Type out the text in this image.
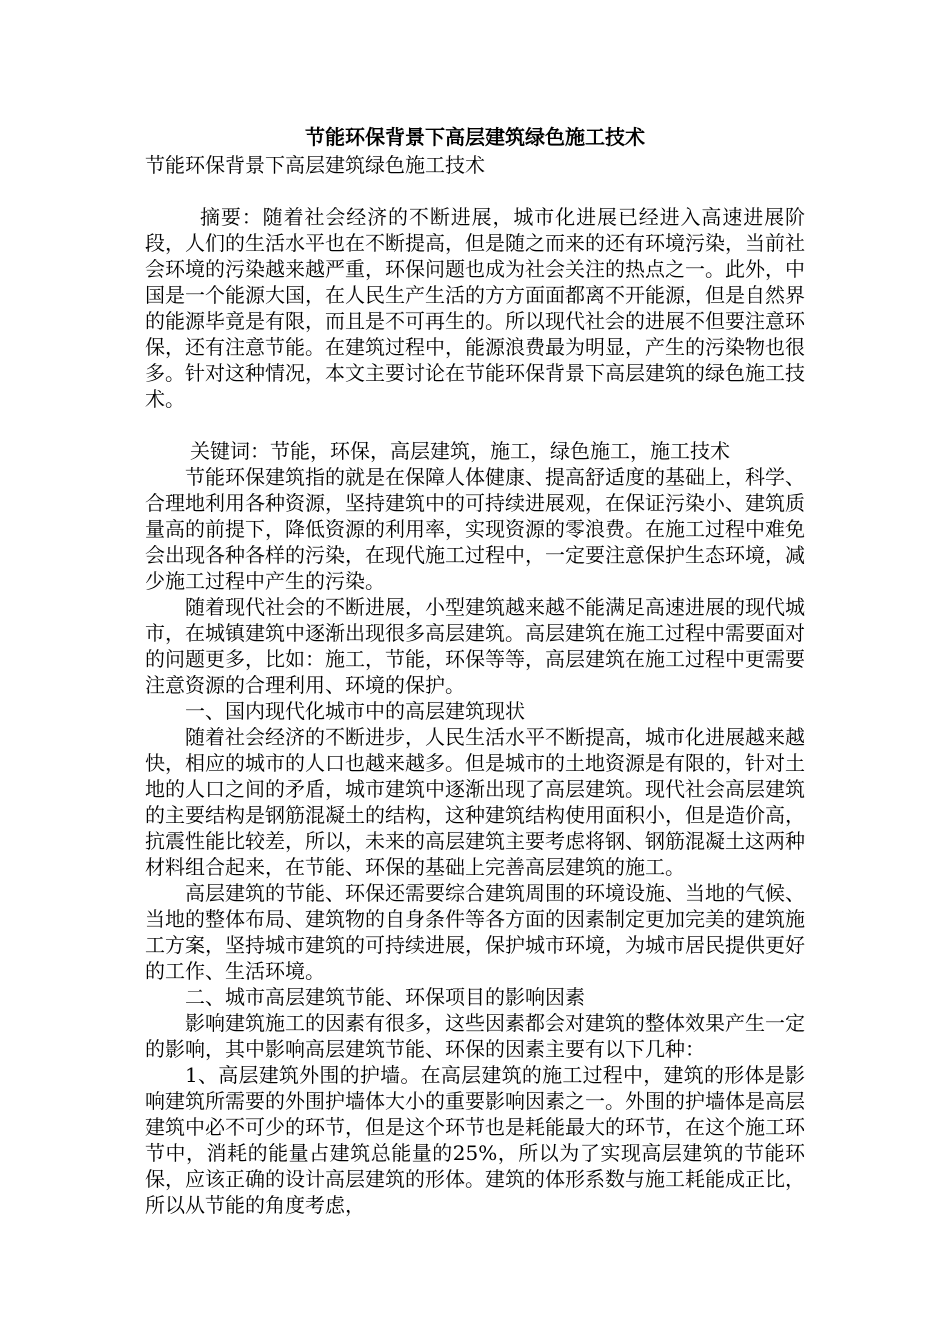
节能环保背景下高层建筑绿色施工技术

节能环保背景下高层建筑绿色施工技术

摘要：随着社会经济的不断进展，城市化进展已经进入高速进展阶段，人们的生活水平也在不断提高，但是随之而来的还有环境污染，当前社会环境的污染越来越严重，环保问题也成为社会关注的热点之一。此外，中国是一个能源大国，在人民生产生活的方方面面都离不开能源，但是自然界的能源毕竟是有限，而且是不可再生的。所以现代社会的进展不但要注意环保，还有注意节能。在建筑过程中，能源浪费最为明显，产生的污染物也很多。针对这种情况，本文主要讨论在节能环保背景下高层建筑的绿色施工技术。

关键词：节能，环保，高层建筑，施工，绿色施工，施工技术

节能环保建筑指的就是在保障人体健康、提高舒适度的基础上，科学、合理地利用各种资源，坚持建筑中的可持续进展观，在保证污染小、建筑质量高的前提下，降低资源的利用率，实现资源的零浪费。在施工过程中难免会出现各种各样的污染，在现代施工过程中，一定要注意保护生态环境，减少施工过程中产生的污染。

随着现代社会的不断进展，小型建筑越来越不能满足高速进展的现代城市，在城镇建筑中逐渐出现很多高层建筑。高层建筑在施工过程中需要面对的问题更多，比如：施工，节能，环保等等，高层建筑在施工过程中更需要注意资源的合理利用、环境的保护。

一、国内现代化城市中的高层建筑现状

随着社会经济的不断进步，人民生活水平不断提高，城市化进展越来越快，相应的城市的人口也越来越多。但是城市的土地资源是有限的，针对土地的人口之间的矛盾，城市建筑中逐渐出现了高层建筑。现代社会高层建筑的主要结构是钢筋混凝土的结构，这种建筑结构使用面积小，但是造价高，抗震性能比较差，所以，未来的高层建筑主要考虑将钢、钢筋混凝土这两种材料组合起来，在节能、环保的基础上完善高层建筑的施工。

高层建筑的节能、环保还需要综合建筑周围的环境设施、当地的气候、当地的整体布局、建筑物的自身条件等各方面的因素制定更加完美的建筑施工方案，坚持城市建筑的可持续进展，保护城市环境，为城市居民提供更好的工作、生活环境。

二、城市高层建筑节能、环保项目的影响因素

影响建筑施工的因素有很多，这些因素都会对建筑的整体效果产生一定的影响，其中影响高层建筑节能、环保的因素主要有以下几种：

1、高层建筑外围的护墙。在高层建筑的施工过程中，建筑的形体是影响建筑所需要的外围护墙体大小的重要影响因素之一。外围的护墙体是高层建筑中必不可少的环节，但是这个环节也是耗能最大的环节，在这个施工环节中，消耗的能量占建筑总能量的25%，所以为了实现高层建筑的节能环保，应该正确的设计高层建筑的形体。建筑的体形系数与施工耗能成正比，所以从节能的角度考虑，
